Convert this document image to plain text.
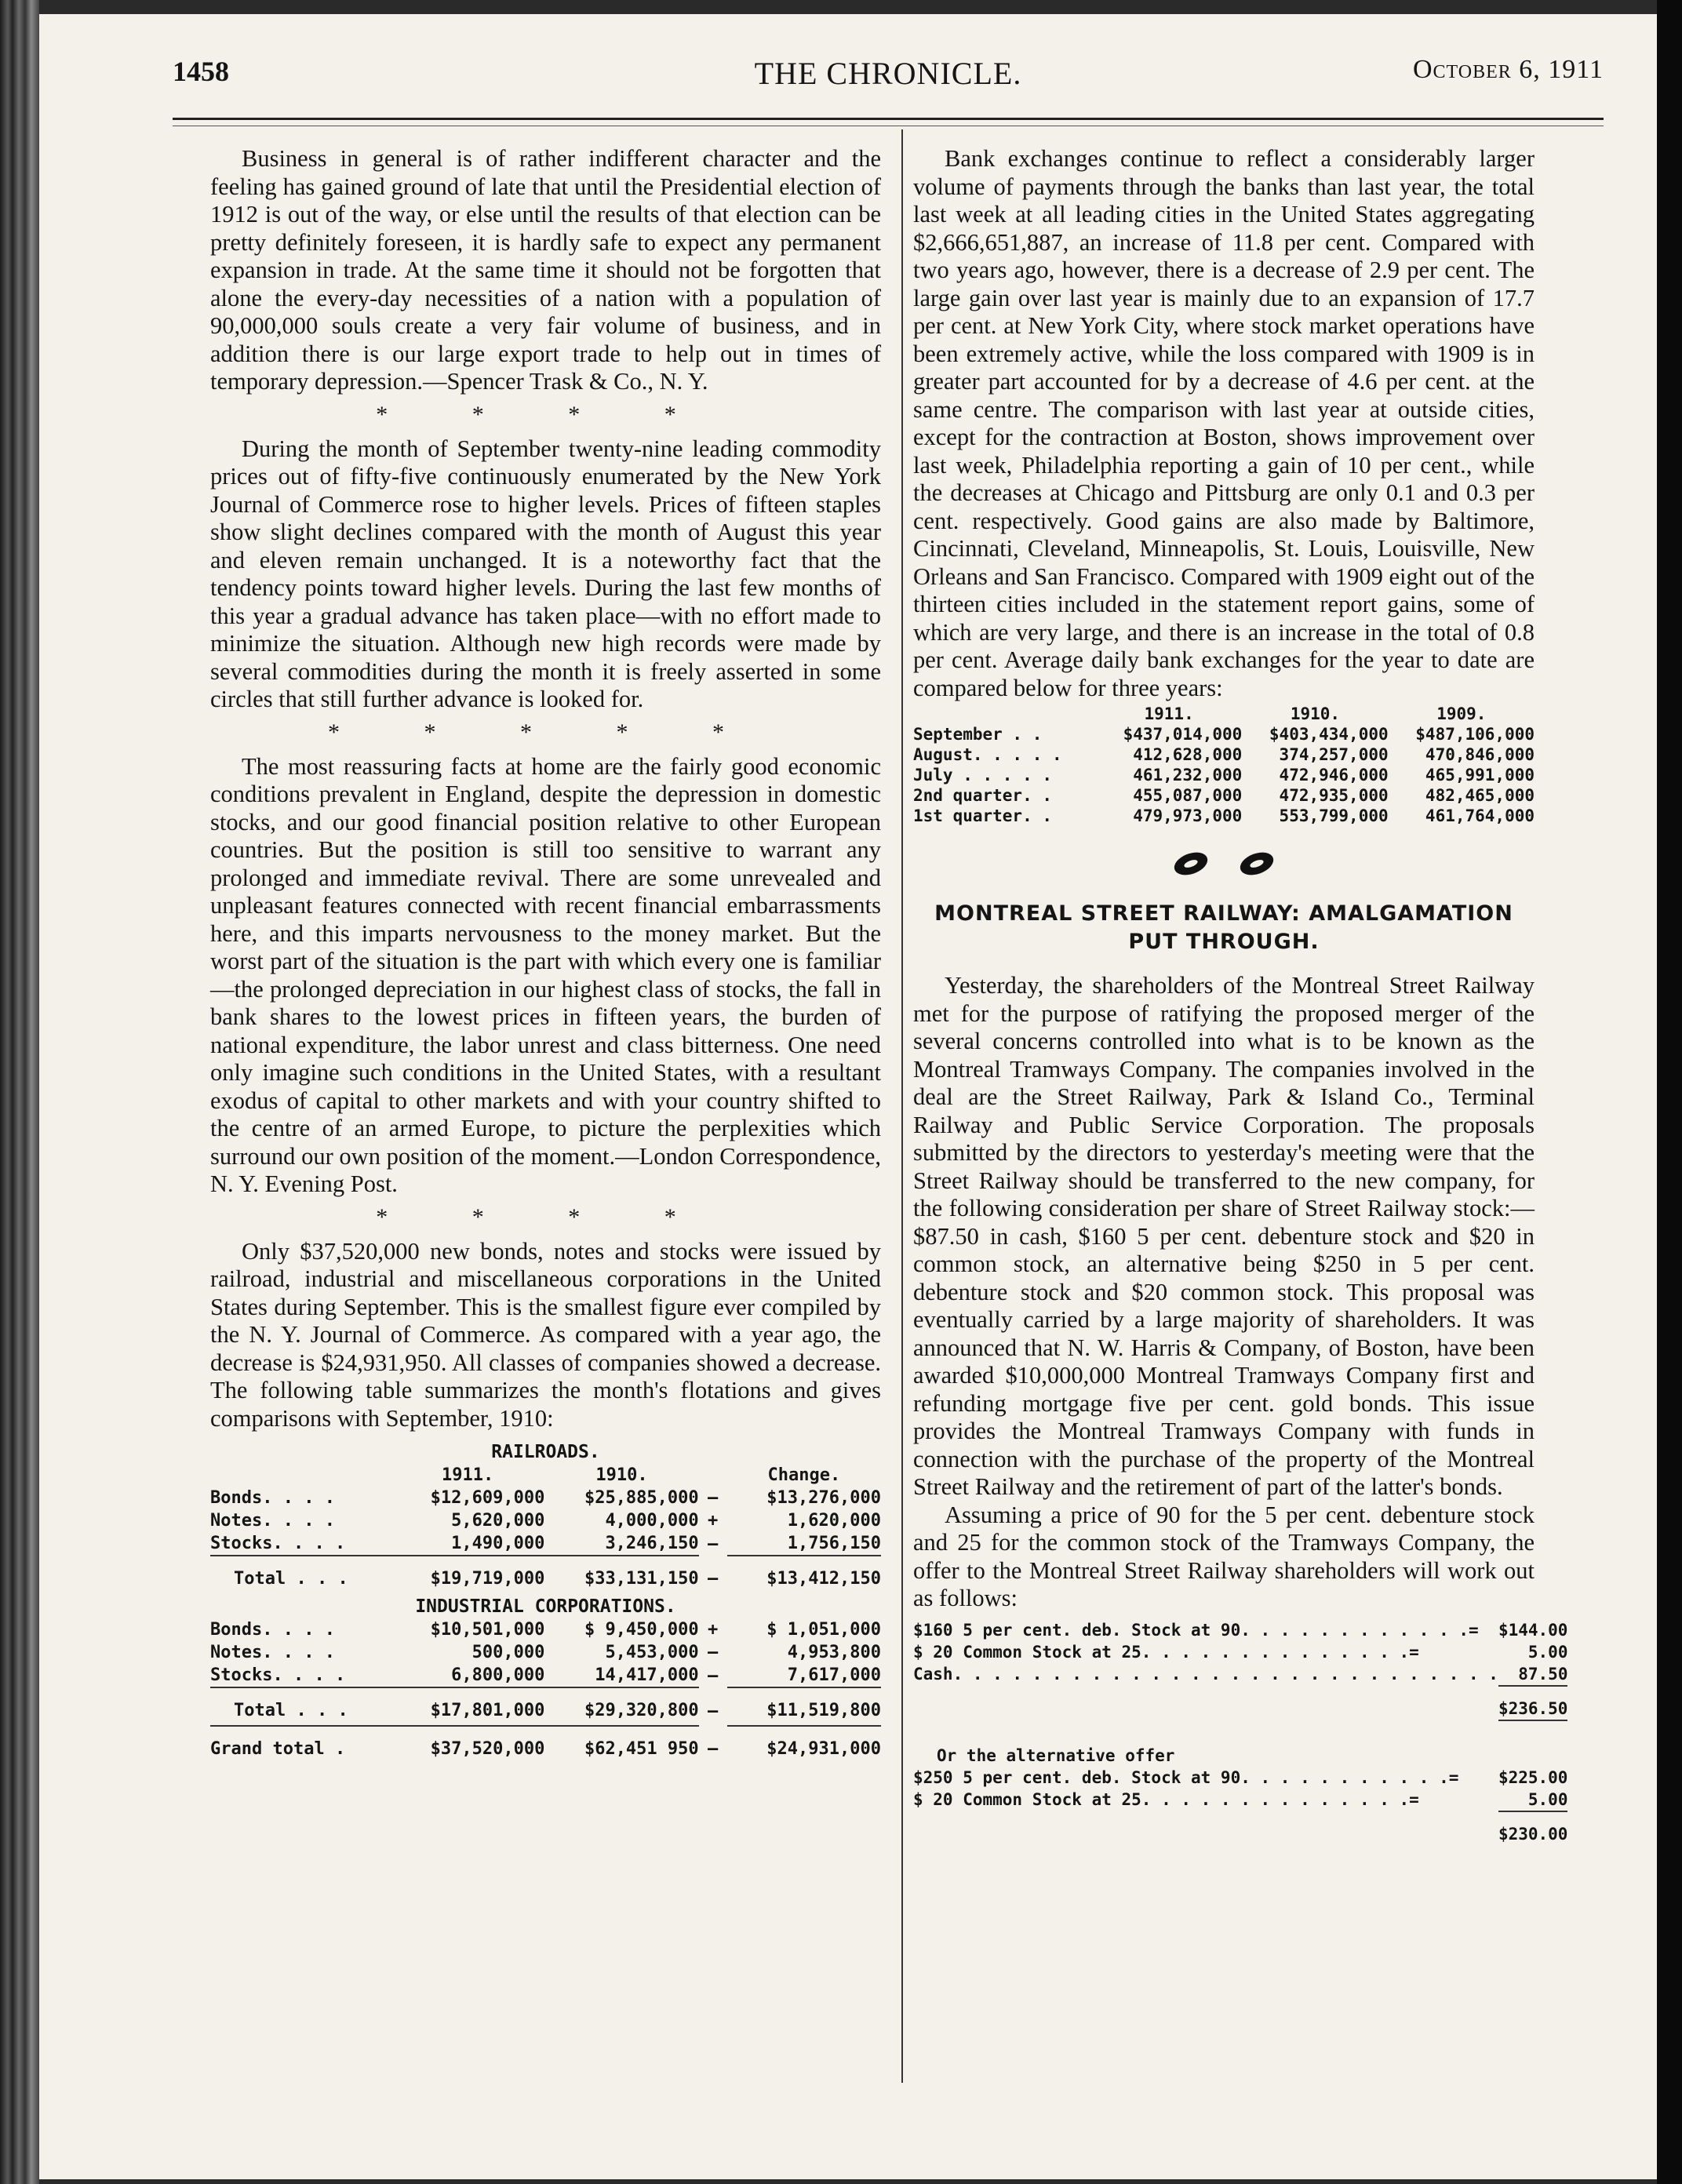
1458	THE CHRONICLE.	October 6, 1911

Business in general is of rather indifferent character and the feeling has gained ground of late that until the Presidential election of 1912 is out of the way, or else until the results of that election can be pretty definitely foreseen, it is hardly safe to expect any permanent expansion in trade. At the same time it should not be forgotten that alone the every-day necessities of a nation with a population of 90,000,000 souls create a very fair volume of business, and in addition there is our large export trade to help out in times of temporary depression.—Spencer Trask & Co., N. Y.

* * * *

During the month of September twenty-nine leading commodity prices out of fifty-five continuously enumerated by the New York Journal of Commerce rose to higher levels. Prices of fifteen staples show slight declines compared with the month of August this year and eleven remain unchanged. It is a noteworthy fact that the tendency points toward higher levels. During the last few months of this year a gradual advance has taken place—with no effort made to minimize the situation. Although new high records were made by several commodities during the month it is freely asserted in some circles that still further advance is looked for.

* * * * *

The most reassuring facts at home are the fairly good economic conditions prevalent in England, despite the depression in domestic stocks, and our good financial position relative to other European countries. But the position is still too sensitive to warrant any prolonged and immediate revival. There are some unrevealed and unpleasant features connected with recent financial embarrassments here, and this imparts nervousness to the money market. But the worst part of the situation is the part with which every one is familiar—the prolonged depreciation in our highest class of stocks, the fall in bank shares to the lowest prices in fifteen years, the burden of national expenditure, the labor unrest and class bitterness. One need only imagine such conditions in the United States, with a resultant exodus of capital to other markets and with your country shifted to the centre of an armed Europe, to picture the perplexities which surround our own position of the moment.—London Correspondence, N. Y. Evening Post.

* * * *

Only $37,520,000 new bonds, notes and stocks were issued by railroad, industrial and miscellaneous corporations in the United States during September. This is the smallest figure ever compiled by the N. Y. Journal of Commerce. As compared with a year ago, the decrease is $24,931,950. All classes of companies showed a decrease. The following table summarizes the month's flotations and gives comparisons with September, 1910:

RAILROADS.				
	1911.	1910.		Change.
Bonds. . . .	$12,609,000	$25,885,000	—	$13,276,000
Notes. . . .	5,620,000	4,000,000	+	1,620,000
Stocks. . . .	1,490,000	3,246,150	—	1,756,150

Total . . .	$19,719,000	$33,131,150	—	$13,412,150
INDUSTRIAL CORPORATIONS.				
Bonds. . . .	$10,501,000	$ 9,450,000	+	$ 1,051,000
Notes. . . .	500,000	5,453,000	—	4,953,800
Stocks. . . .	6,800,000	14,417,000	—	7,617,000

Total . . .	$17,801,000	$29,320,800	—	$11,519,800

Grand total .	$37,520,000	$62,451 950	—	$24,931,000

Bank exchanges continue to reflect a considerably larger volume of payments through the banks than last year, the total last week at all leading cities in the United States aggregating $2,666,651,887, an increase of 11.8 per cent. Compared with two years ago, however, there is a decrease of 2.9 per cent. The large gain over last year is mainly due to an expansion of 17.7 per cent. at New York City, where stock market operations have been extremely active, while the loss compared with 1909 is in greater part accounted for by a decrease of 4.6 per cent. at the same centre. The comparison with last year at outside cities, except for the contraction at Boston, shows improvement over last week, Philadelphia reporting a gain of 10 per cent., while the decreases at Chicago and Pittsburg are only 0.1 and 0.3 per cent. respectively. Good gains are also made by Baltimore, Cincinnati, Cleveland, Minneapolis, St. Louis, Louisville, New Orleans and San Francisco. Compared with 1909 eight out of the thirteen cities included in the statement report gains, some of which are very large, and there is an increase in the total of 0.8 per cent. Average daily bank exchanges for the year to date are compared below for three years:

	1911.	1910.	1909.
September . .	$437,014,000	$403,434,000	$487,106,000
August. . . . .	412,628,000	374,257,000	470,846,000
July . . . . .	461,232,000	472,946,000	465,991,000
2nd quarter. .	455,087,000	472,935,000	482,465,000
1st quarter. .	479,973,000	553,799,000	461,764,000
MONTREAL STREET RAILWAY: AMALGAMATION
PUT THROUGH.

Yesterday, the shareholders of the Montreal Street Railway met for the purpose of ratifying the proposed merger of the several concerns controlled into what is to be known as the Montreal Tramways Company. The companies involved in the deal are the Street Railway, Park & Island Co., Terminal Railway and Public Service Corporation. The proposals submitted by the directors to yesterday's meeting were that the Street Railway should be transferred to the new company, for the following consideration per share of Street Railway stock:— $87.50 in cash, $160 5 per cent. debenture stock and $20 in common stock, an alternative being $250 in 5 per cent. debenture stock and $20 common stock. This proposal was eventually carried by a large majority of shareholders. It was announced that N. W. Harris & Company, of Boston, have been awarded $10,000,000 Montreal Tramways Company first and refunding mortgage five per cent. gold bonds. This issue provides the Montreal Tramways Company with funds in connection with the purchase of the property of the Montreal Street Railway and the retirement of part of the latter's bonds.

Assuming a price of 90 for the 5 per cent. debenture stock and 25 for the common stock of the Tramways Company, the offer to the Montreal Street Railway shareholders will work out as follows:

$160 5 per cent. deb. Stock at 90. . . . . . . . . . . .=	$144.00
$ 20 Common Stock at 25. . . . . . . . . . . . . .=	5.00
Cash. . . . . . . . . . . . . . . . . . . . . . . . . . . .	87.50

	$236.50

Or the alternative offer	
$250 5 per cent. deb. Stock at 90. . . . . . . . . . .=	$225.00
$ 20 Common Stock at 25. . . . . . . . . . . . . .=	5.00

	$230.00
